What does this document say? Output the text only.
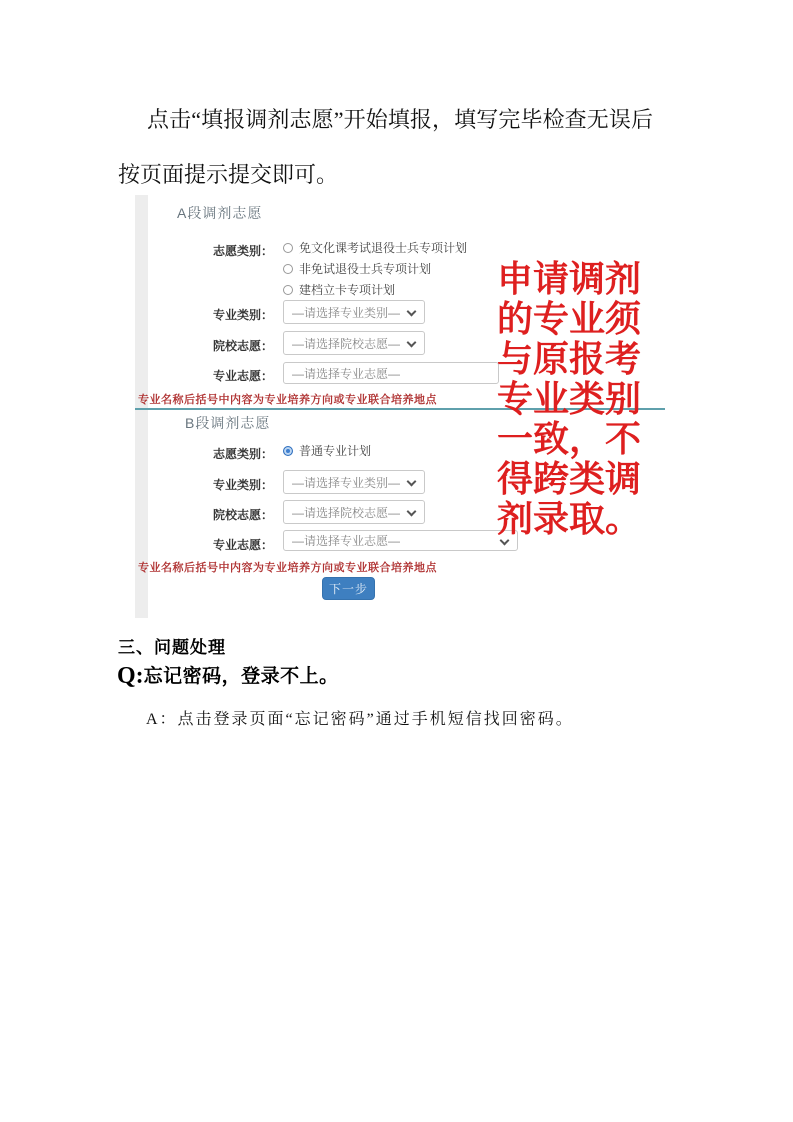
点击“填报调剂志愿”开始填报，填写完毕检查无误后按页面提示提交即可。

A段调剂志愿
志愿类别： 免文化课考试退役士兵专项计划
非免试退役士兵专项计划
建档立卡专项计划
专业类别： —请选择专业类别—
院校志愿： —请选择院校志愿—
专业志愿： —请选择专业志愿—
专业名称后括号中内容为专业培养方向或专业联合培养地点
B段调剂志愿
志愿类别： 普通专业计划
专业类别： —请选择专业类别—
院校志愿： —请选择院校志愿—
专业志愿： —请选择专业志愿—
专业名称后括号中内容为专业培养方向或专业联合培养地点
下一步
申请调剂
的专业须
与原报考
专业类别
一致，不
得跨类调
剂录取。
三、问题处理
Q:忘记密码，登录不上。
A：点击登录页面“忘记密码”通过手机短信找回密码。
